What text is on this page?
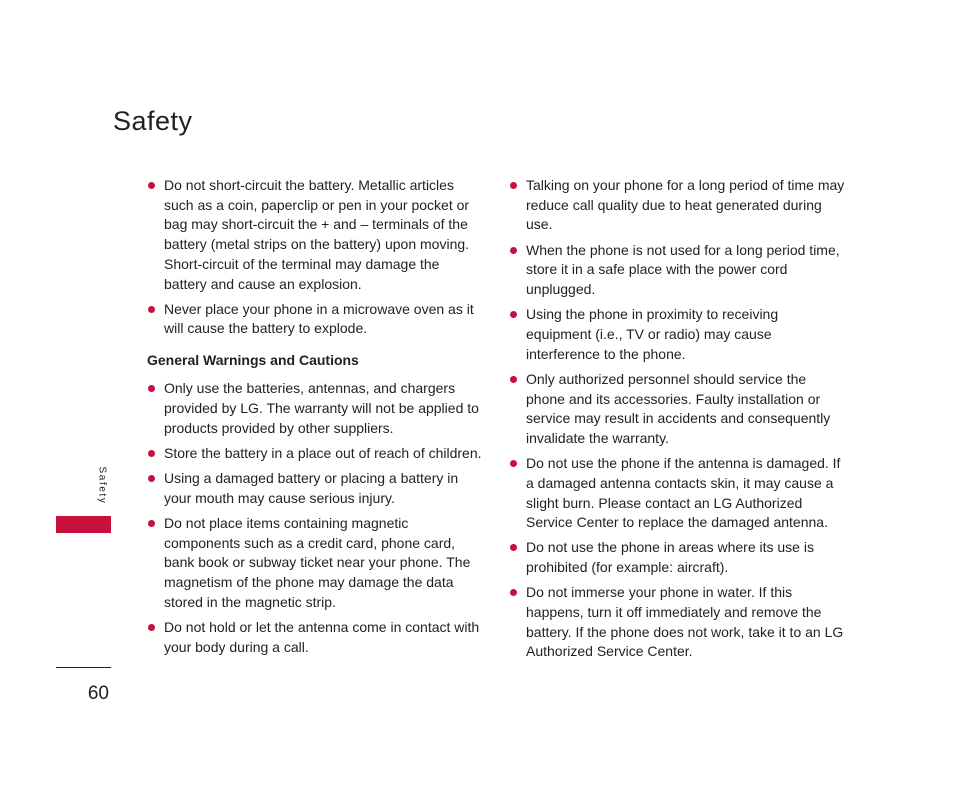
Safety
Safety
60
Do not short-circuit the battery. Metallic articles such as a coin, paperclip or pen in your pocket or bag may short-circuit the + and – terminals of the battery (metal strips on the battery) upon moving. Short-circuit of the terminal may damage the battery and cause an explosion.
Never place your phone in a microwave oven as it will cause the battery to explode.
General Warnings and Cautions
Only use the batteries, antennas, and chargers provided by LG. The warranty will not be applied to products provided by other suppliers.
Store the battery in a place out of reach of children.
Using a damaged battery or placing a battery in your mouth may cause serious injury.
Do not place items containing magnetic components such as a credit card, phone card, bank book or subway ticket near your phone. The magnetism of the phone may damage the data stored in the magnetic strip.
Do not hold or let the antenna come in contact with your body during a call.
Talking on your phone for a long period of time may reduce call quality due to heat generated during use.
When the phone is not used for a long period time, store it in a safe place with the power cord unplugged.
Using the phone in proximity to receiving equipment (i.e., TV or radio) may cause interference to the phone.
Only authorized personnel should service the phone and its accessories. Faulty installation or service may result in accidents and consequently invalidate the warranty.
Do not use the phone if the antenna is damaged. If a damaged antenna contacts skin, it may cause a slight burn. Please contact an LG Authorized Service Center to replace the damaged antenna.
Do not use the phone in areas where its use is prohibited (for example: aircraft).
Do not immerse your phone in water. If this happens, turn it off immediately and remove the battery. If the phone does not work, take it to an LG Authorized Service Center.
